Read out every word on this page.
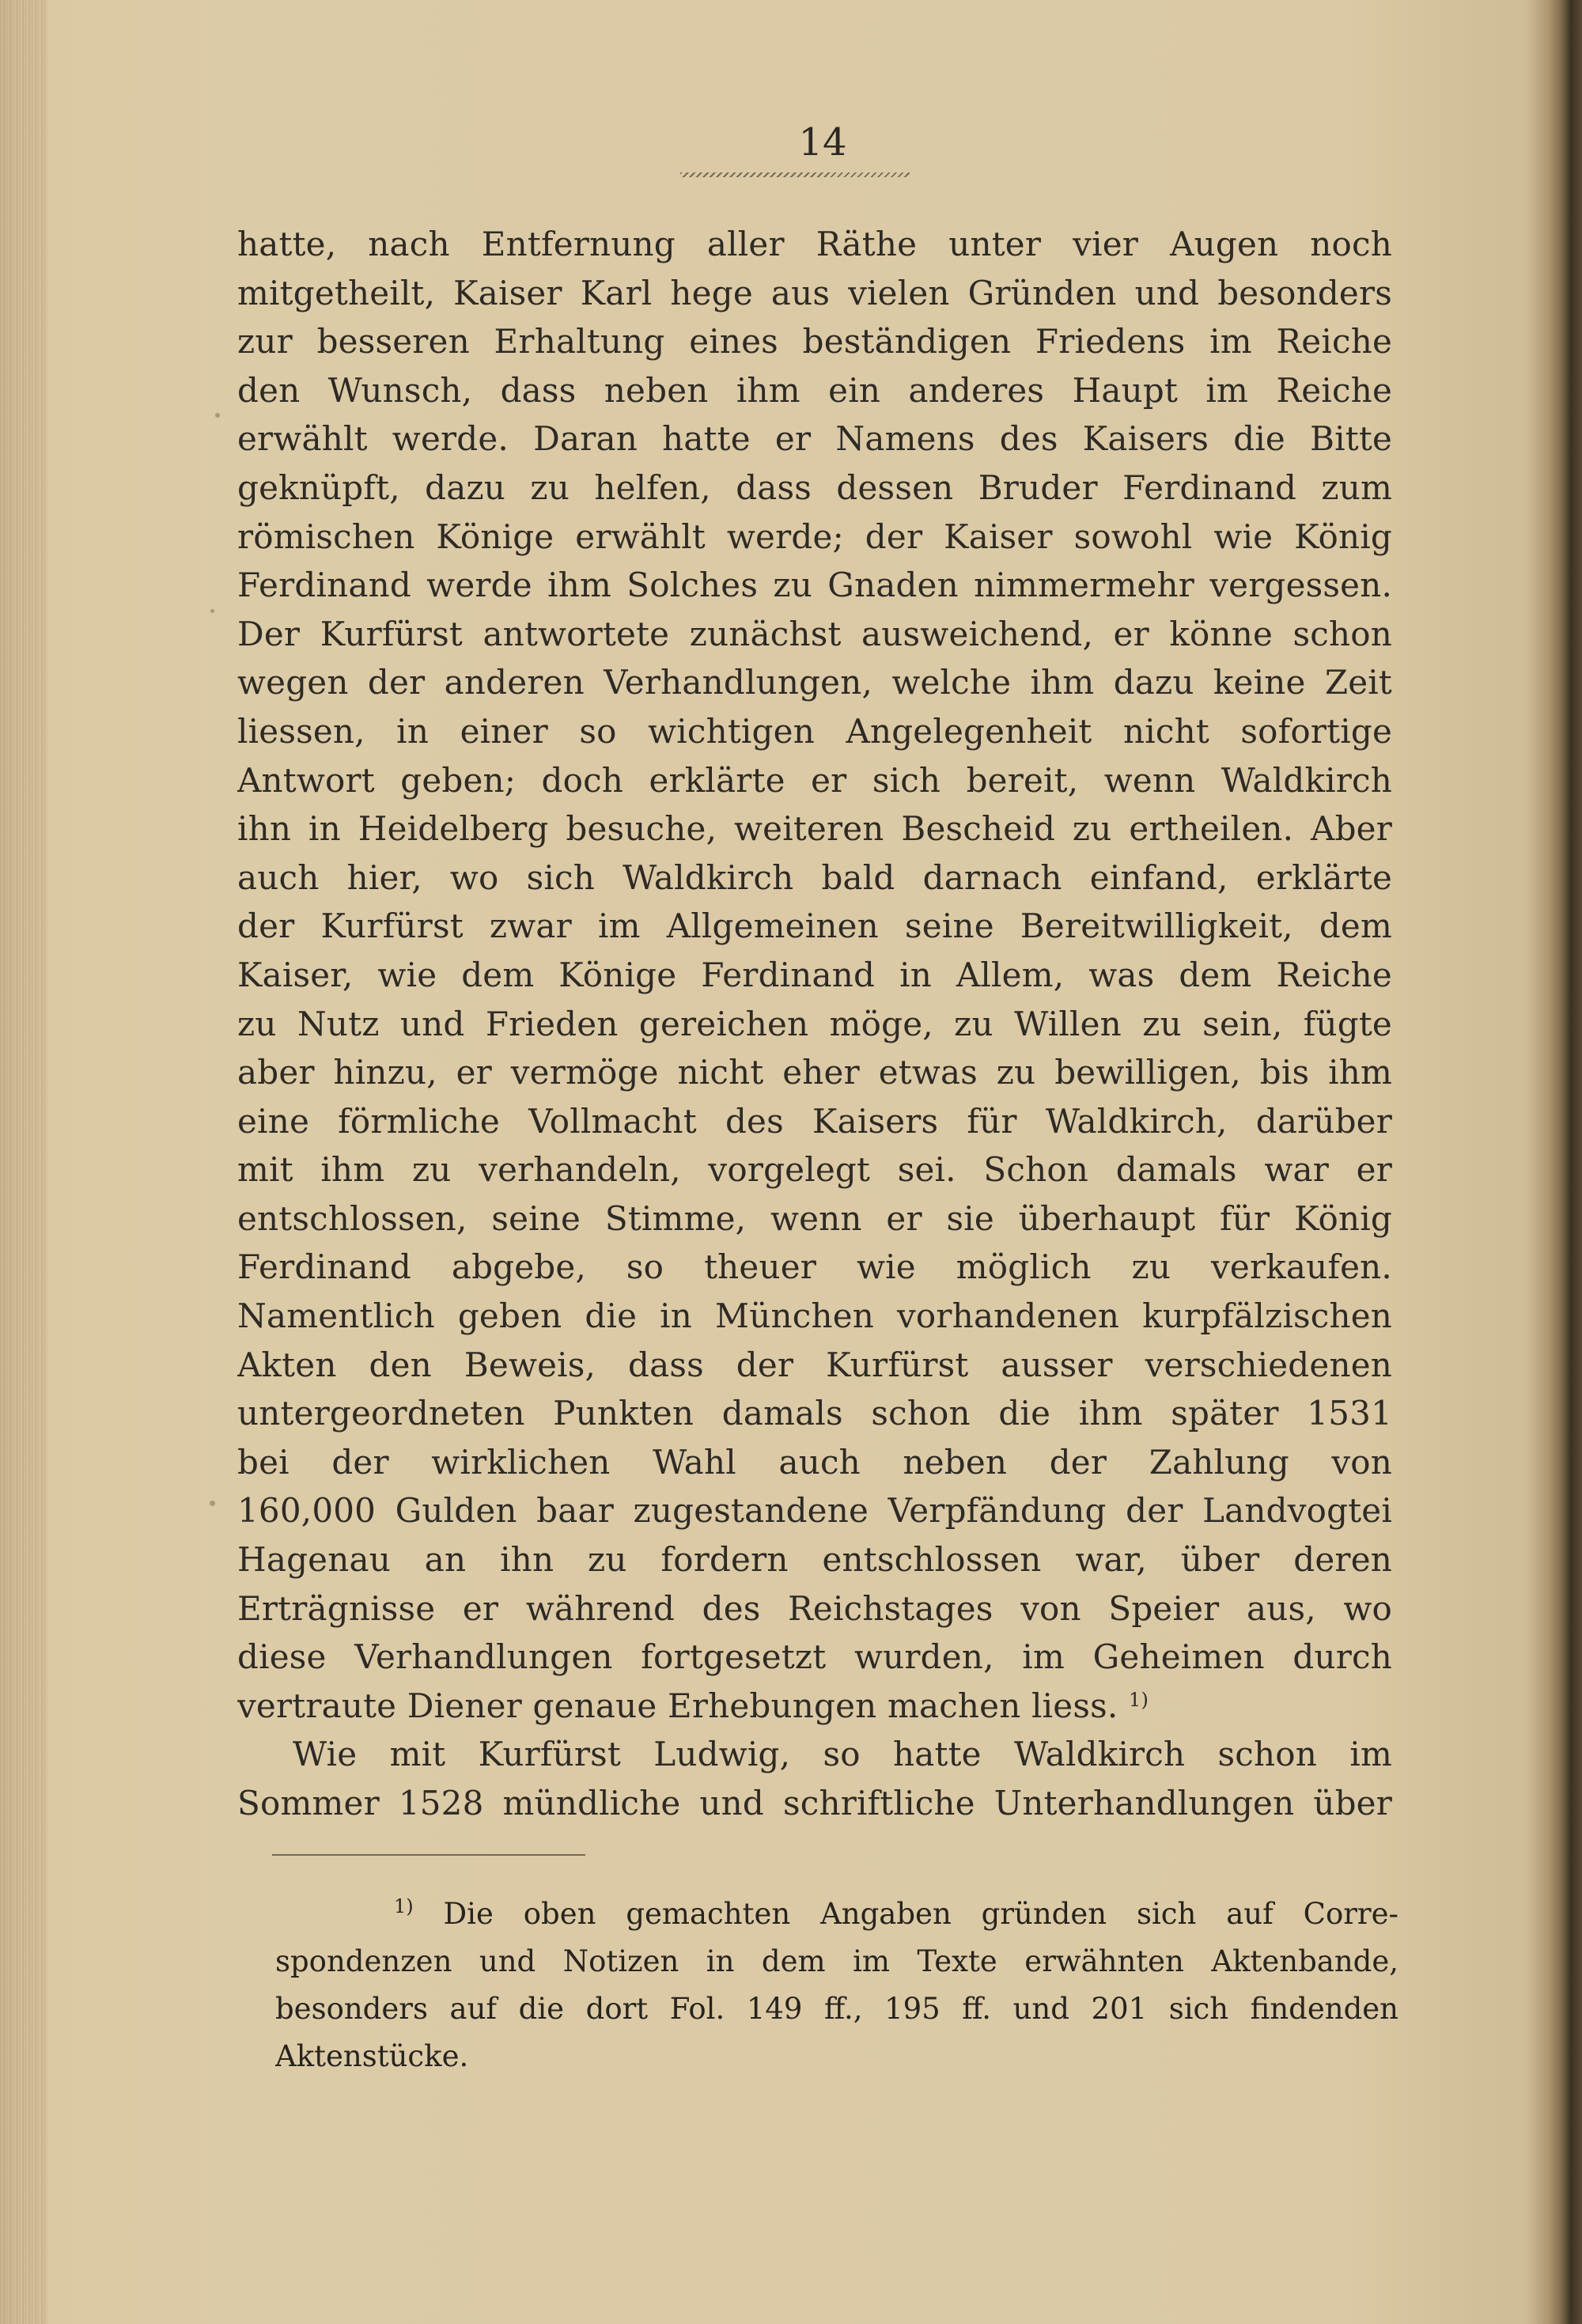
14
hatte, nach Entfernung aller Räthe unter vier Augen noch
mitgetheilt, Kaiser Karl hege aus vielen Gründen und besonders
zur besseren Erhaltung eines beständigen Friedens im Reiche
den Wunsch, dass neben ihm ein anderes Haupt im Reiche
erwählt werde. Daran hatte er Namens des Kaisers die Bitte
geknüpft, dazu zu helfen, dass dessen Bruder Ferdinand zum
römischen Könige erwählt werde; der Kaiser sowohl wie König
Ferdinand werde ihm Solches zu Gnaden nimmermehr vergessen.
Der Kurfürst antwortete zunächst ausweichend, er könne schon
wegen der anderen Verhandlungen, welche ihm dazu keine Zeit
liessen, in einer so wichtigen Angelegenheit nicht sofortige
Antwort geben; doch erklärte er sich bereit, wenn Waldkirch
ihn in Heidelberg besuche, weiteren Bescheid zu ertheilen. Aber
auch hier, wo sich Waldkirch bald darnach einfand, erklärte
der Kurfürst zwar im Allgemeinen seine Bereitwilligkeit, dem
Kaiser, wie dem Könige Ferdinand in Allem, was dem Reiche
zu Nutz und Frieden gereichen möge, zu Willen zu sein, fügte
aber hinzu, er vermöge nicht eher etwas zu bewilligen, bis ihm
eine förmliche Vollmacht des Kaisers für Waldkirch, darüber
mit ihm zu verhandeln, vorgelegt sei. Schon damals war er
entschlossen, seine Stimme, wenn er sie überhaupt für König
Ferdinand abgebe, so theuer wie möglich zu verkaufen.
Namentlich geben die in München vorhandenen kurpfälzischen
Akten den Beweis, dass der Kurfürst ausser verschiedenen
untergeordneten Punkten damals schon die ihm später 1531
bei der wirklichen Wahl auch neben der Zahlung von
160,000 Gulden baar zugestandene Verpfändung der Landvogtei
Hagenau an ihn zu fordern entschlossen war, über deren
Erträgnisse er während des Reichstages von Speier aus, wo
diese Verhandlungen fortgesetzt wurden, im Geheimen durch
vertraute Diener genaue Erhebungen machen liess. $^{1)}$
Wie mit Kurfürst Ludwig, so hatte Waldkirch schon im
Sommer 1528 mündliche und schriftliche Unterhandlungen über
$^{1)}$ Die oben gemachten Angaben gründen sich auf Corre-
spondenzen und Notizen in dem im Texte erwähnten Aktenbande,
besonders auf die dort Fol. 149 ff., 195 ff. und 201 sich findenden
Aktenstücke.
